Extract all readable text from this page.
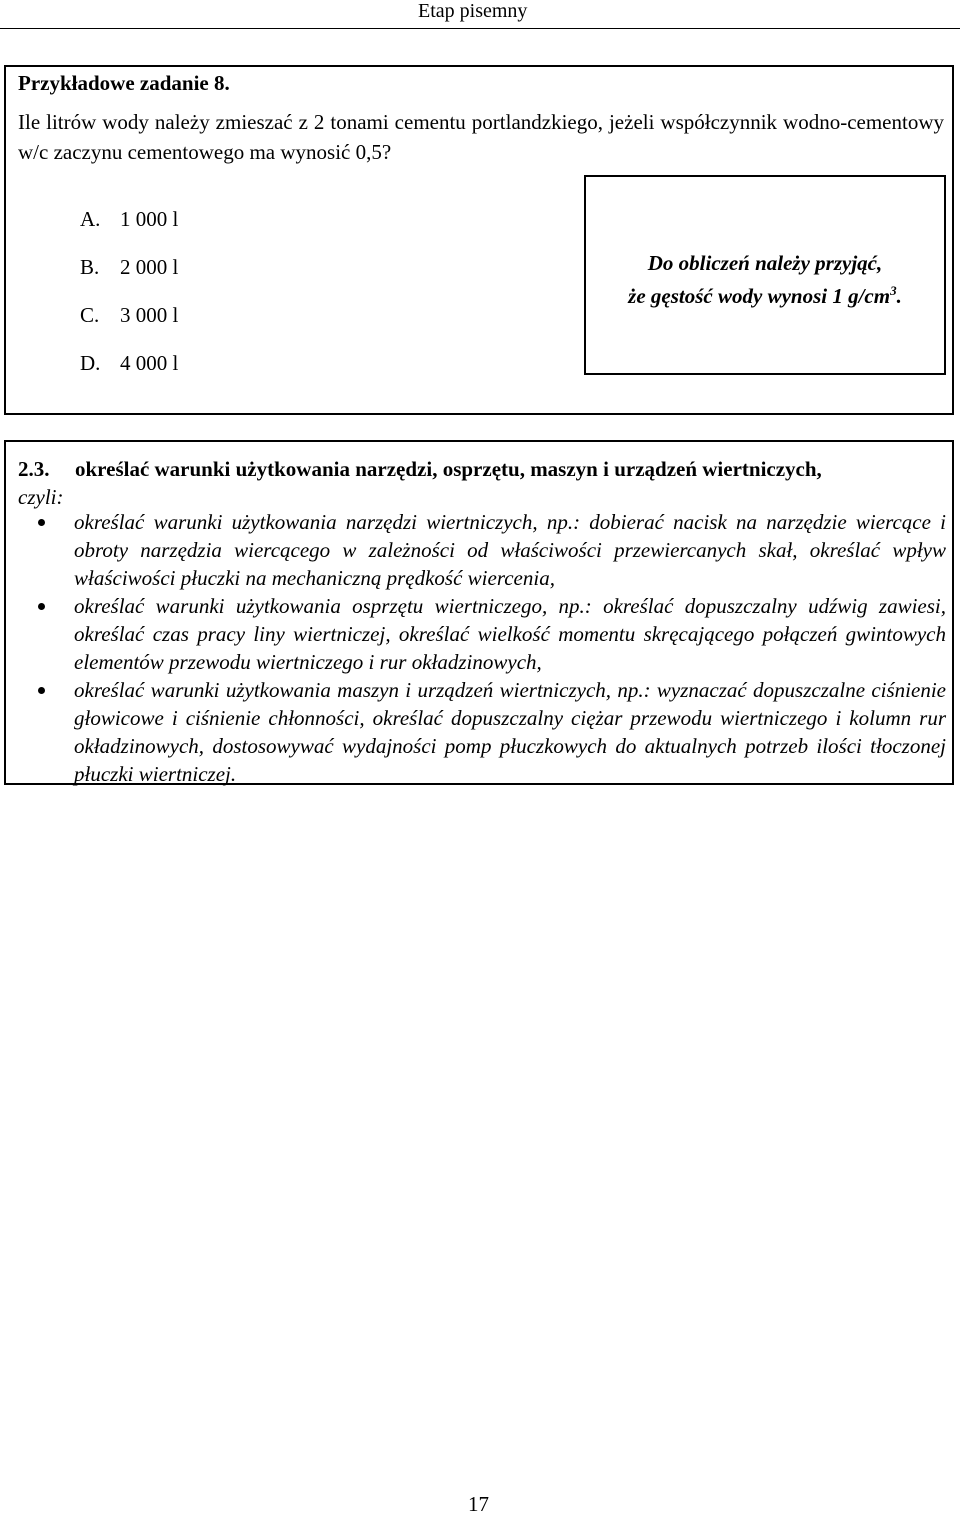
Etap pisemny
Przykładowe zadanie 8.
Ile litrów wody należy zmieszać z 2 tonami cementu portlandzkiego, jeżeli współczynnik wodno-cementowy w/c zaczynu cementowego ma wynosić 0,5?
A. 1 000 l
B. 2 000 l
C. 3 000 l
D. 4 000 l
Do obliczeń należy przyjąć,
że gęstość wody wynosi 1 $g/cm^3$.
2.3. określać warunki użytkowania narzędzi, osprzętu, maszyn i urządzeń wiertniczych,
czyli:
określać warunki użytkowania narzędzi wiertniczych, np.: dobierać nacisk na narzędzie wiercące i obroty narzędzia wiercącego w zależności od właściwości przewiercanych skał, określać wpływ właściwości płuczki na mechaniczną prędkość wiercenia,
określać warunki użytkowania osprzętu wiertniczego, np.: określać dopuszczalny udźwig zawiesi, określać czas pracy liny wiertniczej, określać wielkość momentu skręcającego połączeń gwintowych elementów przewodu wiertniczego i rur okładzinowych,
określać warunki użytkowania maszyn i urządzeń wiertniczych, np.: wyznaczać dopuszczalne ciśnienie głowicowe i ciśnienie chłonności, określać dopuszczalny ciężar przewodu wiertniczego i kolumn rur okładzinowych, dostosowywać wydajności pomp płuczkowych do aktualnych potrzeb ilości tłoczonej płuczki wiertniczej.
17
